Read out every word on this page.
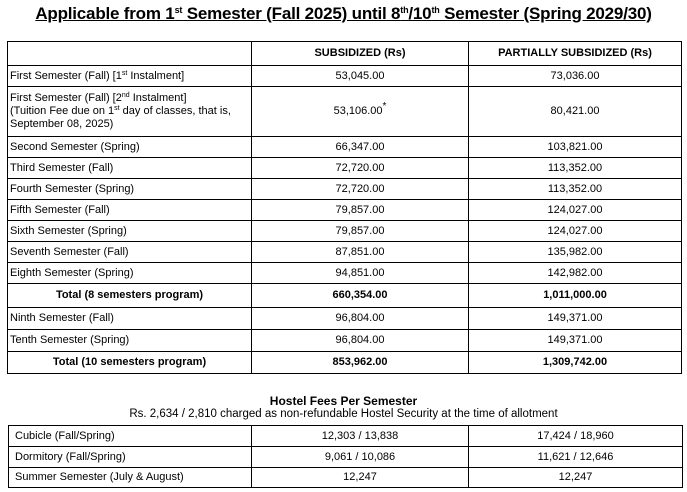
Applicable from 1st Semester (Fall 2025) until 8th/10th Semester (Spring 2029/30)
	SUBSIDIZED (Rs)	PARTIALLY SUBSIDIZED (Rs)
First Semester (Fall) [1st Instalment]	53,045.00	73,036.00

First Semester (Fall) [2nd Instalment]
(Tuition Fee due on 1st day of classes, that is,
September 08, 2025)	53,106.00*	80,421.00
Second Semester (Spring)	66,347.00	103,821.00
Third Semester (Fall)	72,720.00	113,352.00
Fourth Semester (Spring)	72,720.00	113,352.00
Fifth Semester (Fall)	79,857.00	124,027.00
Sixth Semester (Spring)	79,857.00	124,027.00
Seventh Semester (Fall)	87,851.00	135,982.00
Eighth Semester (Spring)	94,851.00	142,982.00
Total (8 semesters program)	660,354.00	1,011,000.00
Ninth Semester (Fall)	96,804.00	149,371.00
Tenth Semester (Spring)	96,804.00	149,371.00
Total (10 semesters program)	853,962.00	1,309,742.00
Hostel Fees Per Semester
Rs. 2,634 / 2,810 charged as non-refundable Hostel Security at the time of allotment
Cubicle (Fall/Spring)	12,303 / 13,838	17,424 / 18,960
Dormitory (Fall/Spring)	9,061 / 10,086	11,621 / 12,646
Summer Semester (July & August)	12,247	12,247
